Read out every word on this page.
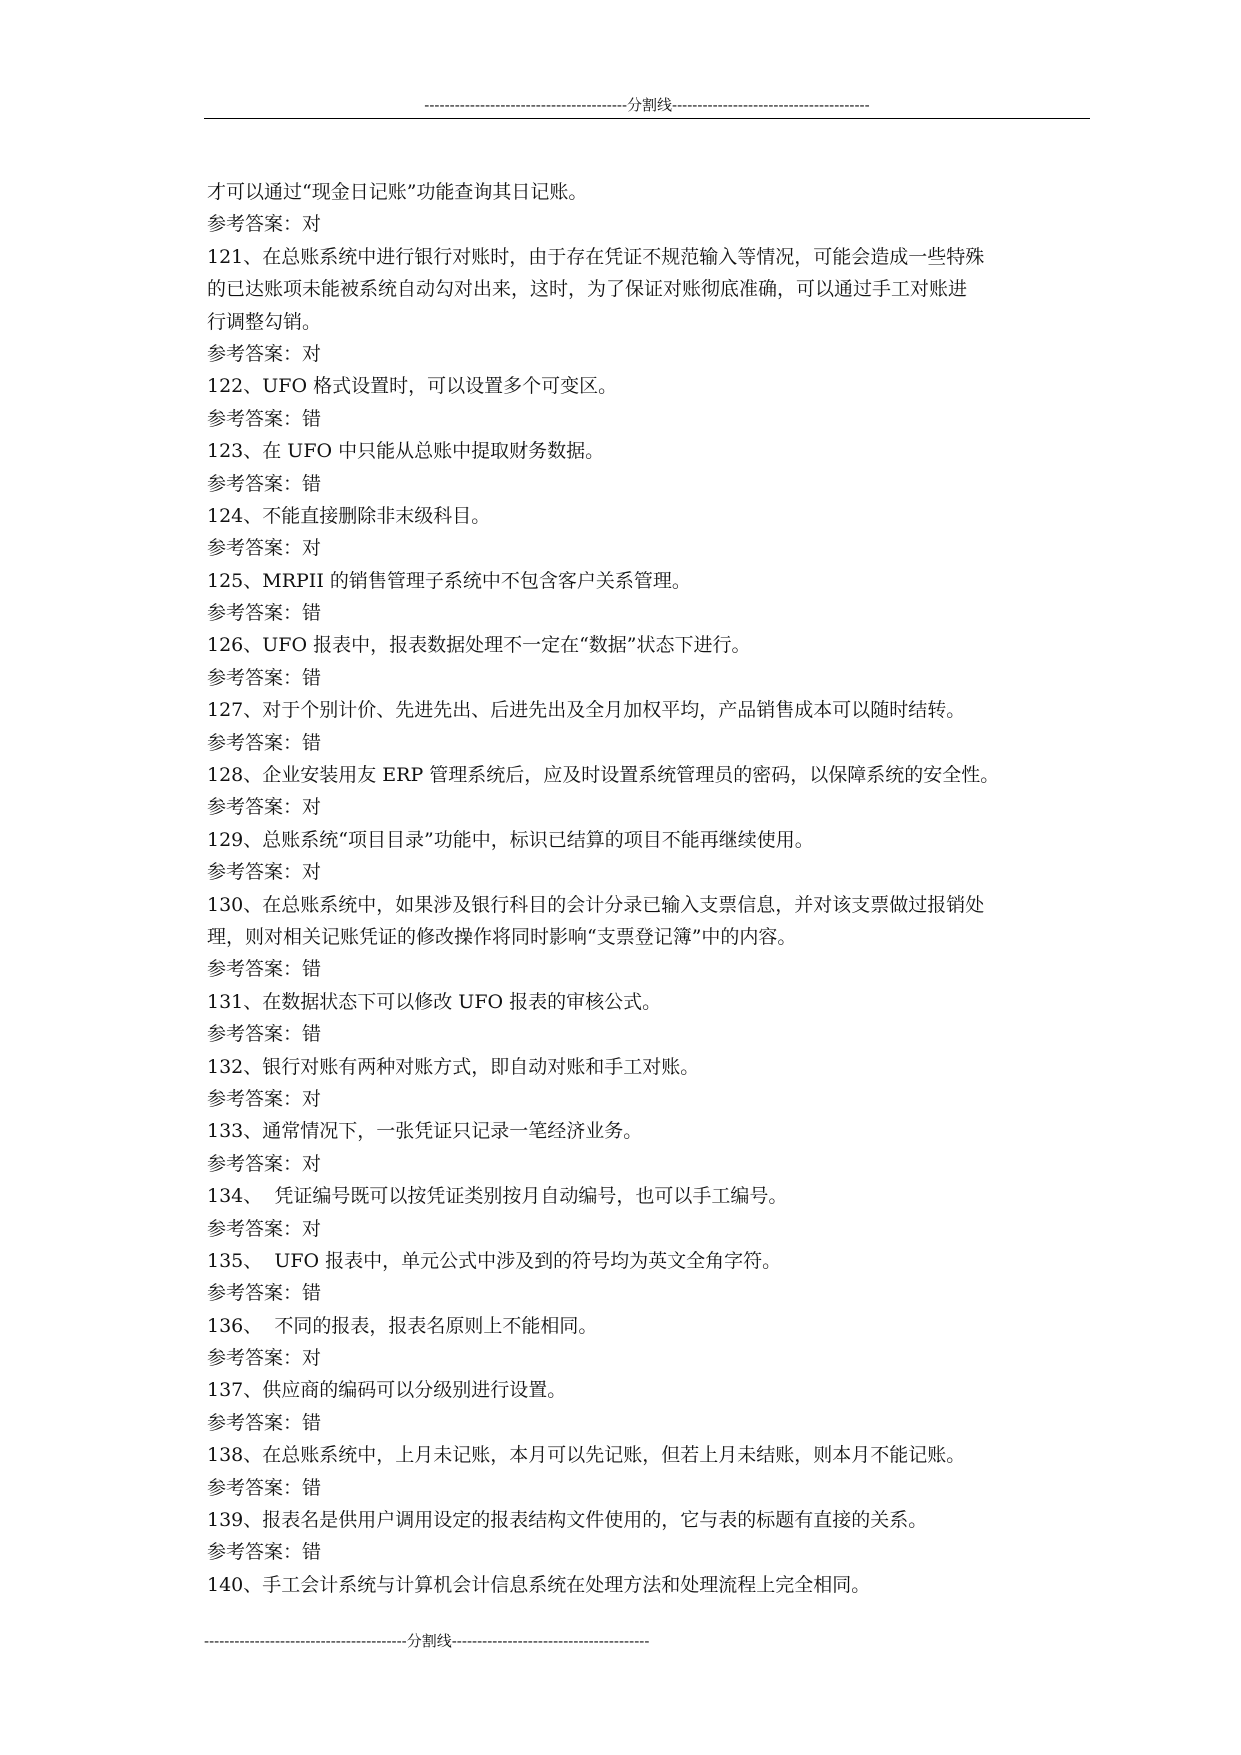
----------------------------------------分割线---------------------------------------
才可以通过“现金日记账”功能查询其日记账。
参考答案：对
121、在总账系统中进行银行对账时，由于存在凭证不规范输入等情况，可能会造成一些特殊
的已达账项未能被系统自动勾对出来，这时，为了保证对账彻底准确，可以通过手工对账进
行调整勾销。
参考答案：对
122、UFO 格式设置时，可以设置多个可变区。
参考答案：错
123、在 UFO 中只能从总账中提取财务数据。
参考答案：错
124、不能直接删除非末级科目。
参考答案：对
125、MRPII 的销售管理子系统中不包含客户关系管理。
参考答案：错
126、UFO 报表中，报表数据处理不一定在“数据”状态下进行。
参考答案：错
127、对于个别计价、先进先出、后进先出及全月加权平均，产品销售成本可以随时结转。
参考答案：错
128、企业安装用友 ERP 管理系统后，应及时设置系统管理员的密码，以保障系统的安全性。
参考答案：对
129、总账系统“项目目录”功能中，标识已结算的项目不能再继续使用。
参考答案：对
130、在总账系统中，如果涉及银行科目的会计分录已输入支票信息，并对该支票做过报销处
理，则对相关记账凭证的修改操作将同时影响“支票登记簿”中的内容。
参考答案：错
131、在数据状态下可以修改 UFO 报表的审核公式。
参考答案：错
132、银行对账有两种对账方式，即自动对账和手工对账。
参考答案：对
133、通常情况下，一张凭证只记录一笔经济业务。
参考答案：对
134、  凭证编号既可以按凭证类别按月自动编号，也可以手工编号。
参考答案：对
135、  UFO 报表中，单元公式中涉及到的符号均为英文全角字符。
参考答案：错
136、  不同的报表，报表名原则上不能相同。
参考答案：对
137、供应商的编码可以分级别进行设置。
参考答案：错
138、在总账系统中，上月未记账，本月可以先记账，但若上月未结账，则本月不能记账。
参考答案：错
139、报表名是供用户调用设定的报表结构文件使用的，它与表的标题有直接的关系。
参考答案：错
140、手工会计系统与计算机会计信息系统在处理方法和处理流程上完全相同。
----------------------------------------分割线---------------------------------------
